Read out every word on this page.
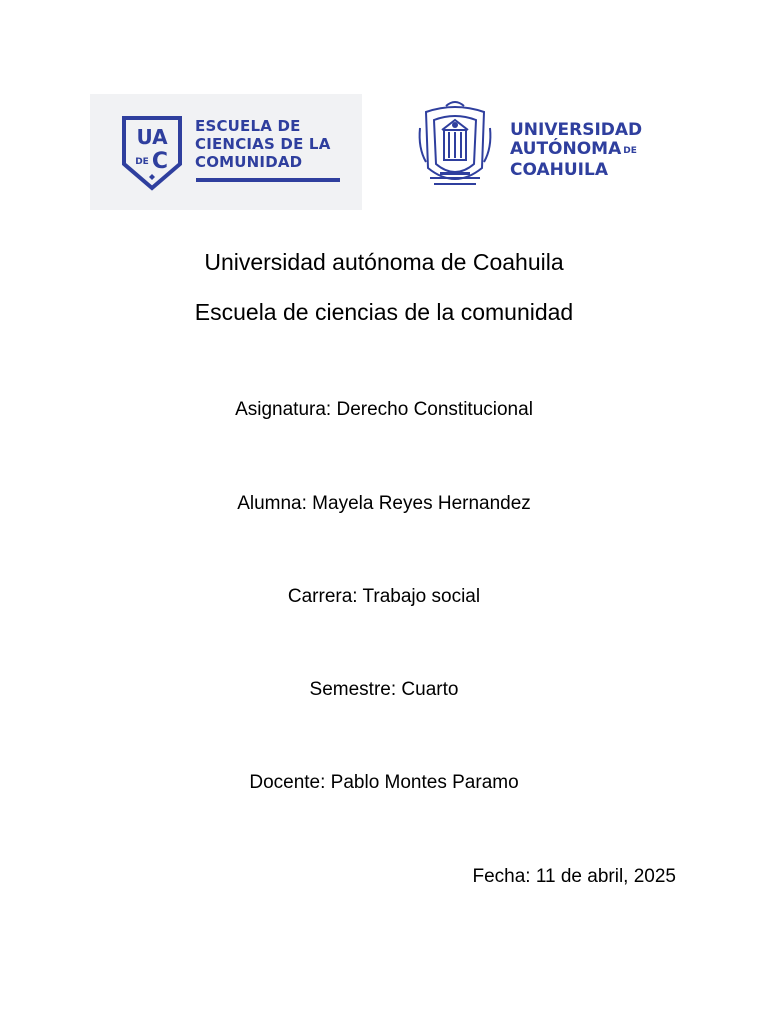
UA
DE C
ESCUELA DE
CIENCIAS DE LA
COMUNIDAD
UNIVERSIDAD
AUTÓNOMA DE
COAHUILA
Universidad autónoma de Coahuila
Escuela de ciencias de la comunidad
Asignatura: Derecho Constitucional
Alumna: Mayela Reyes Hernandez
Carrera: Trabajo social
Semestre: Cuarto
Docente: Pablo Montes Paramo
Fecha: 11 de abril, 2025
